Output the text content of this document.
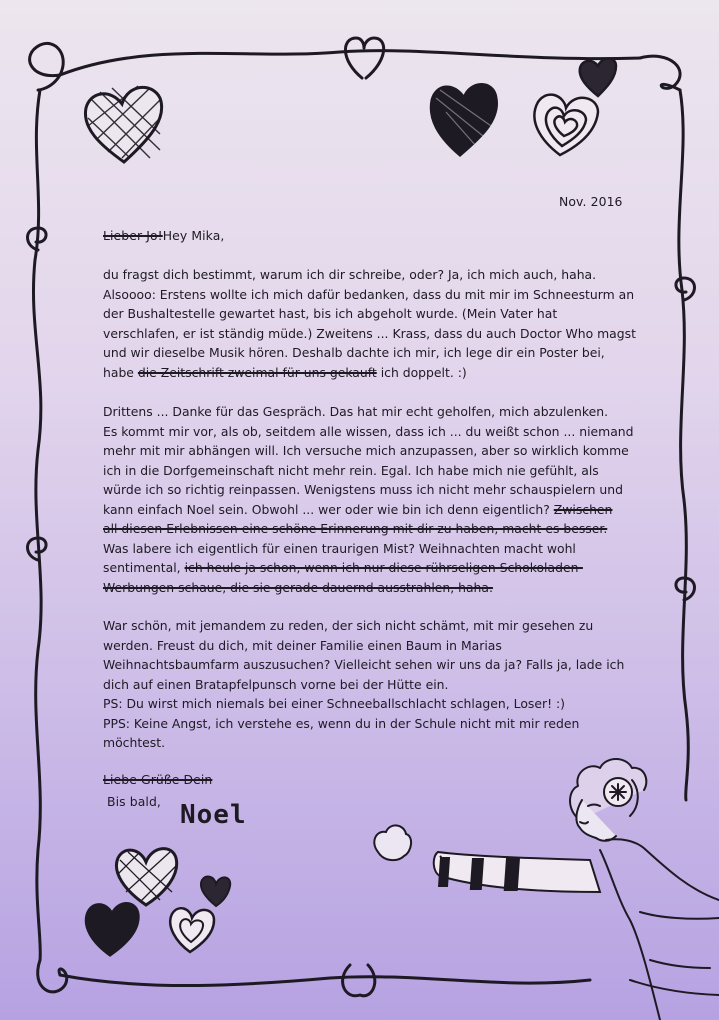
Nov. 2016
Lieber Jo!Hey Mika,
du fragst dich bestimmt, warum ich dir schreibe, oder? Ja, ich mich auch, haha.
Alsoooo: Erstens wollte ich mich dafür bedanken, dass du mit mir im Schneesturm an
der Bushaltestelle gewartet hast, bis ich abgeholt wurde. (Mein Vater hat
verschlafen, er ist ständig müde.) Zweitens ... Krass, dass du auch Doctor Who magst
und wir dieselbe Musik hören. Deshalb dachte ich mir, ich lege dir ein Poster bei,
habe die Zeitschrift zweimal für uns gekauft ich doppelt. :)
Drittens ... Danke für das Gespräch. Das hat mir echt geholfen, mich abzulenken.
Es kommt mir vor, als ob, seitdem alle wissen, dass ich ... du weißt schon ... niemand
mehr mit mir abhängen will. Ich versuche mich anzupassen, aber so wirklich komme
ich in die Dorfgemeinschaft nicht mehr rein. Egal. Ich habe mich nie gefühlt, als
würde ich so richtig reinpassen. Wenigstens muss ich nicht mehr schauspielern und
kann einfach Noel sein. Obwohl ... wer oder wie bin ich denn eigentlich? Zwischen
all diesen Erlebnissen eine schöne Erinnerung mit dir zu haben, macht es besser.
Was labere ich eigentlich für einen traurigen Mist? Weihnachten macht wohl
sentimental, ich heule ja schon, wenn ich nur diese rührseligen Schokoladen-
Werbungen schaue, die sie gerade dauernd ausstrahlen, haha.
War schön, mit jemandem zu reden, der sich nicht schämt, mit mir gesehen zu
werden. Freust du dich, mit deiner Familie einen Baum in Marias
Weihnachtsbaumfarm auszusuchen? Vielleicht sehen wir uns da ja? Falls ja, lade ich
dich auf einen Bratapfelpunsch vorne bei der Hütte ein.
PS: Du wirst mich niemals bei einer Schneeballschlacht schlagen, Loser! :)
PPS: Keine Angst, ich verstehe es, wenn du in der Schule nicht mit mir reden
möchtest.
Liebe Grüße Dein
Bis bald, Noel
